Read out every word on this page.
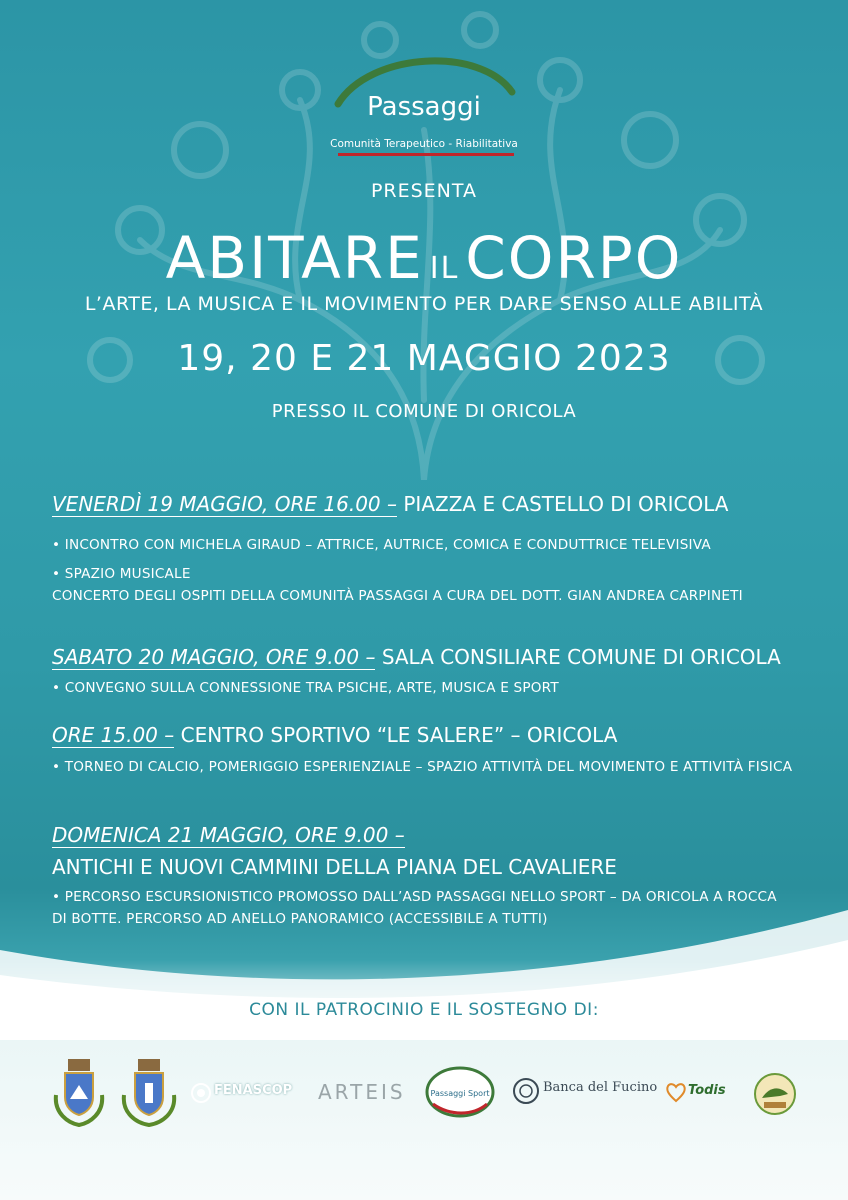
Passaggi
Comunità Terapeutico - Riabilitativa
PRESENTA
ABITARE IL CORPO
L’ARTE, LA MUSICA E IL MOVIMENTO PER DARE SENSO ALLE ABILITÀ
19, 20 E 21 MAGGIO 2023
PRESSO IL COMUNE DI ORICOLA
VENERDÌ 19 MAGGIO, ORE 16.00 – PIAZZA E CASTELLO DI ORICOLA
• INCONTRO CON MICHELA GIRAUD – ATTRICE, AUTRICE, COMICA E CONDUTTRICE TELEVISIVA
• SPAZIO MUSICALE
CONCERTO DEGLI OSPITI DELLA COMUNITÀ PASSAGGI A CURA DEL DOTT. GIAN ANDREA CARPINETI
SABATO 20 MAGGIO, ORE 9.00 – SALA CONSILIARE COMUNE DI ORICOLA
• CONVEGNO SULLA CONNESSIONE TRA PSICHE, ARTE, MUSICA E SPORT
ORE 15.00 – CENTRO SPORTIVO “LE SALERE” – ORICOLA
• TORNEO DI CALCIO, POMERIGGIO ESPERIENZIALE – SPAZIO ATTIVITÀ DEL MOVIMENTO E ATTIVITÀ FISICA
DOMENICA 21 MAGGIO, ORE 9.00 –
ANTICHI E NUOVI CAMMINI DELLA PIANA DEL CAVALIERE
• PERCORSO ESCURSIONISTICO PROMOSSO DALL’ASD PASSAGGI NELLO SPORT – DA ORICOLA A ROCCA
DI BOTTE. PERCORSO AD ANELLO PANORAMICO (ACCESSIBILE A TUTTI)
CON IL PATROCINIO E IL SOSTEGNO DI:
FENASCOP ARTEIS	Passaggi Sport	Banca del Fucino Todis
